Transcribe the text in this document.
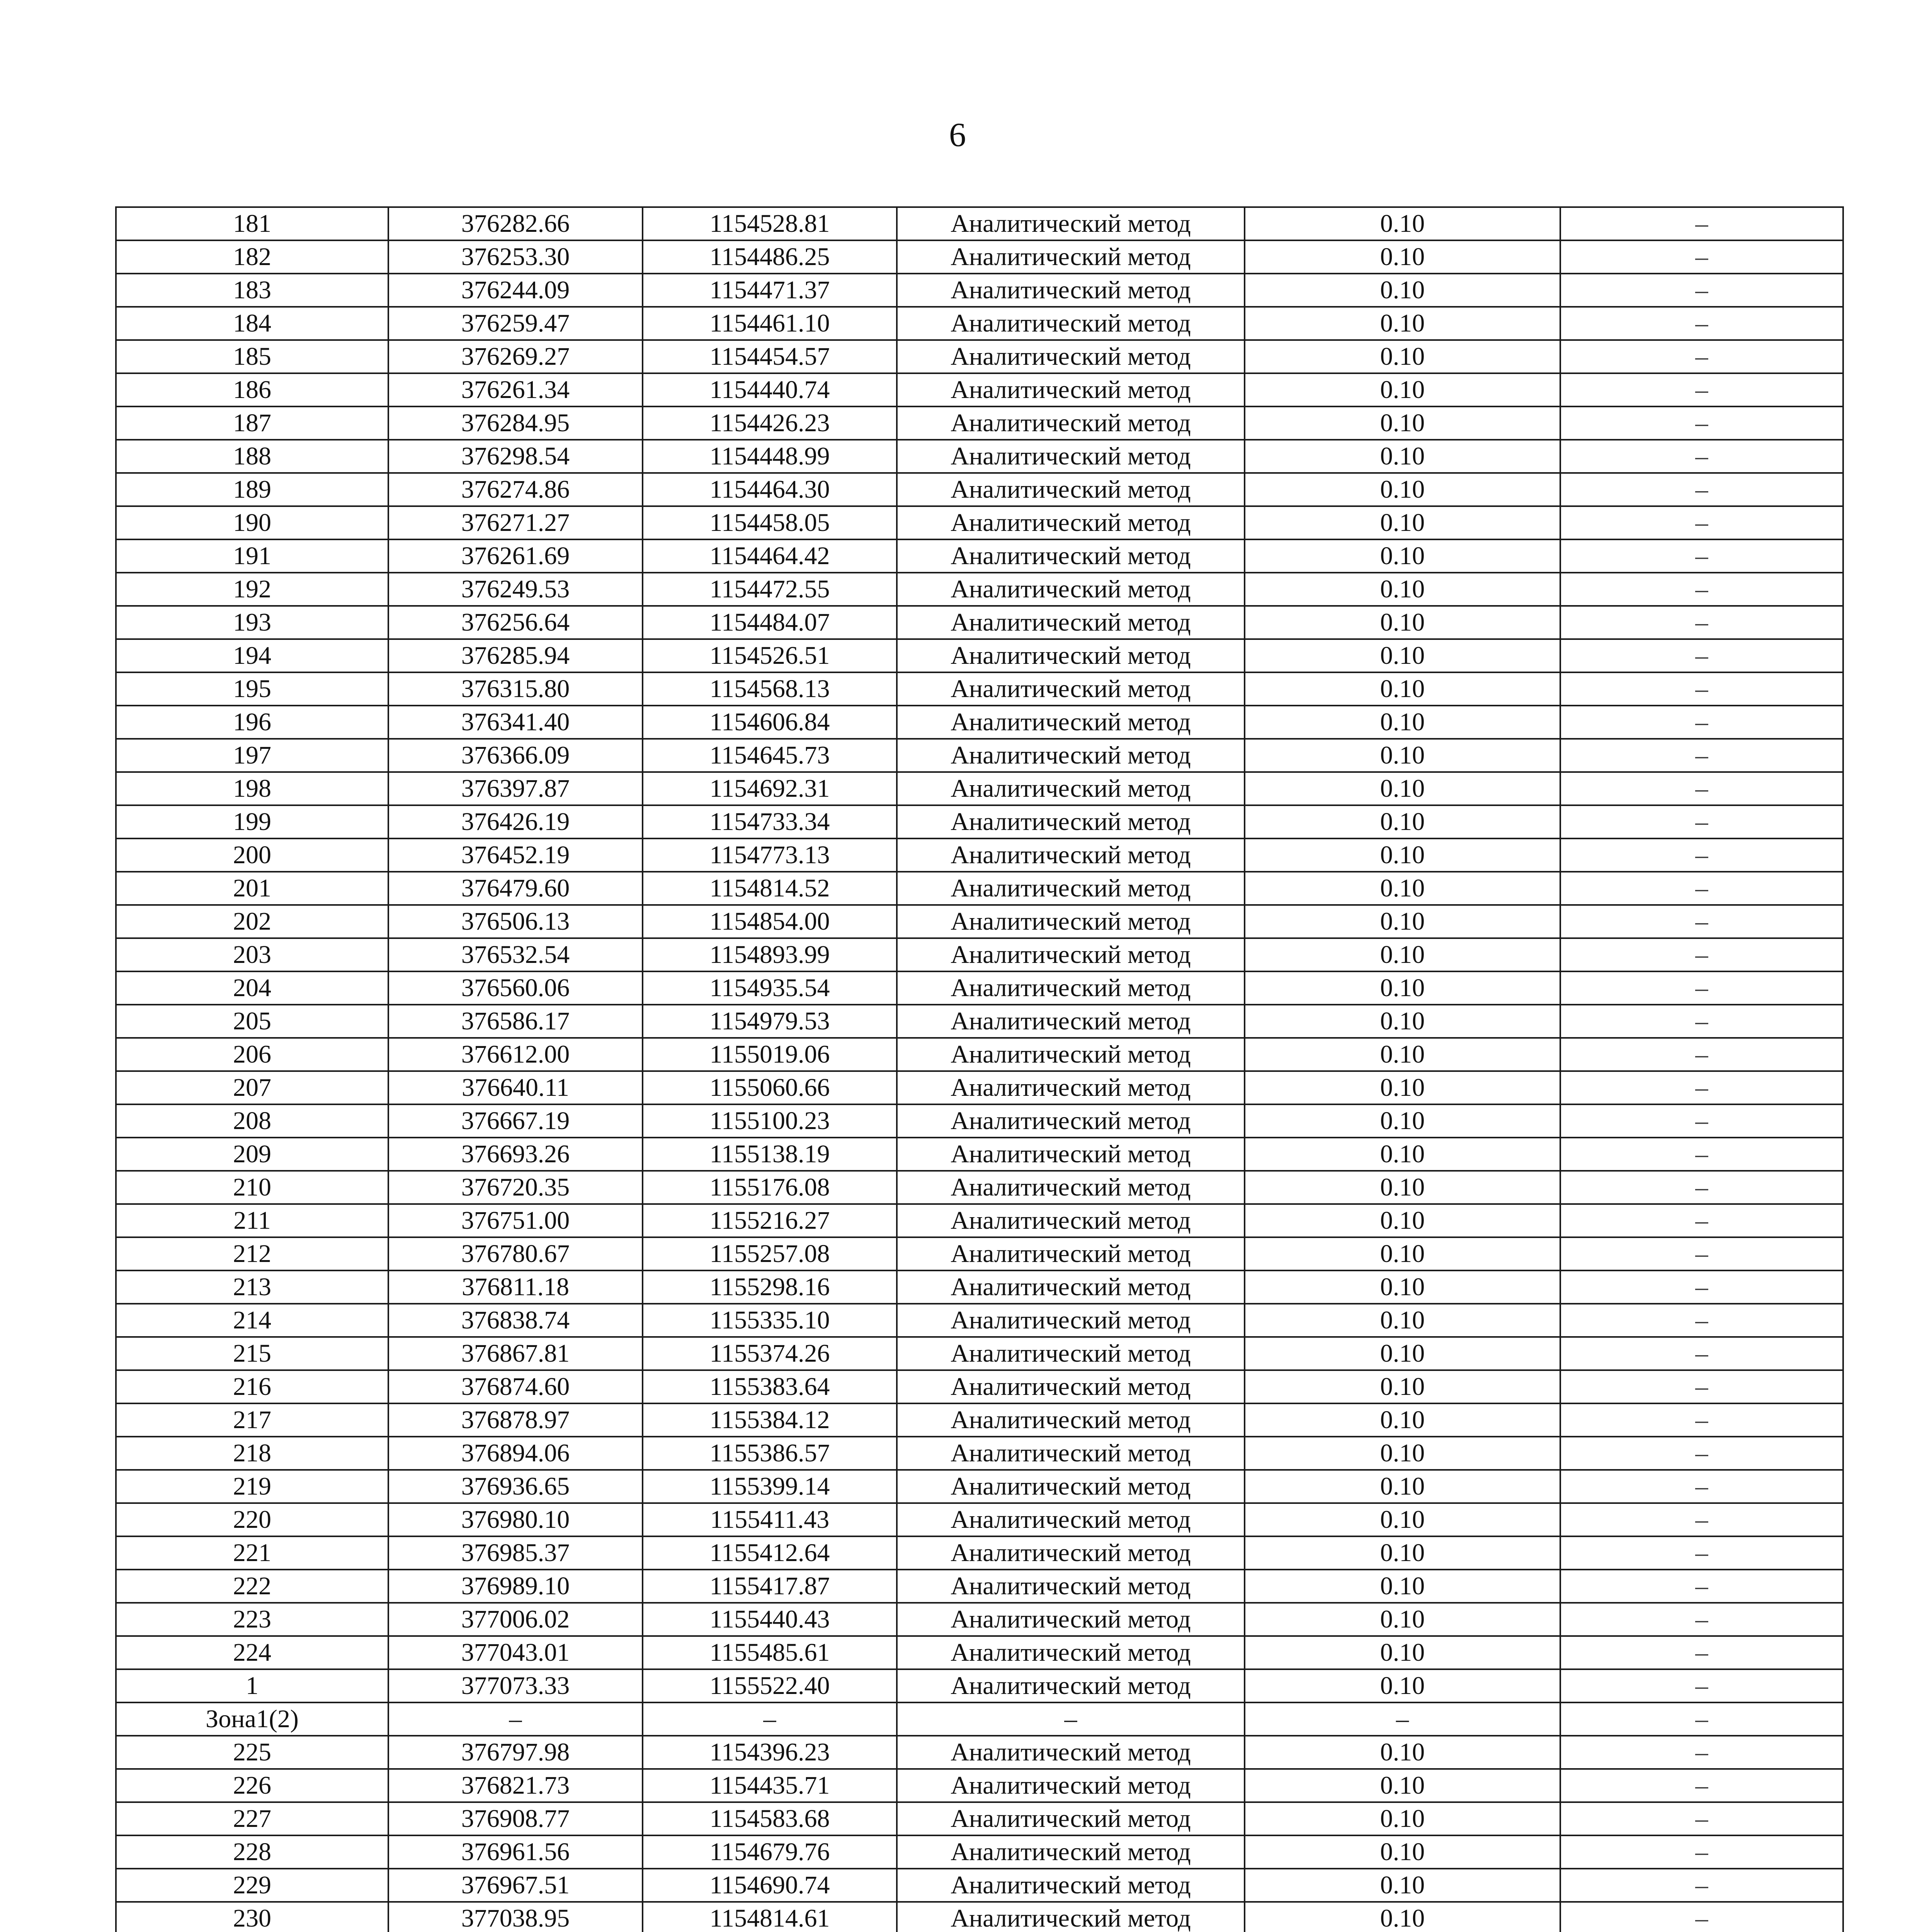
6
181	376282.66	1154528.81	Аналитический метод	0.10	–
182	376253.30	1154486.25	Аналитический метод	0.10	–
183	376244.09	1154471.37	Аналитический метод	0.10	–
184	376259.47	1154461.10	Аналитический метод	0.10	–
185	376269.27	1154454.57	Аналитический метод	0.10	–
186	376261.34	1154440.74	Аналитический метод	0.10	–
187	376284.95	1154426.23	Аналитический метод	0.10	–
188	376298.54	1154448.99	Аналитический метод	0.10	–
189	376274.86	1154464.30	Аналитический метод	0.10	–
190	376271.27	1154458.05	Аналитический метод	0.10	–
191	376261.69	1154464.42	Аналитический метод	0.10	–
192	376249.53	1154472.55	Аналитический метод	0.10	–
193	376256.64	1154484.07	Аналитический метод	0.10	–
194	376285.94	1154526.51	Аналитический метод	0.10	–
195	376315.80	1154568.13	Аналитический метод	0.10	–
196	376341.40	1154606.84	Аналитический метод	0.10	–
197	376366.09	1154645.73	Аналитический метод	0.10	–
198	376397.87	1154692.31	Аналитический метод	0.10	–
199	376426.19	1154733.34	Аналитический метод	0.10	–
200	376452.19	1154773.13	Аналитический метод	0.10	–
201	376479.60	1154814.52	Аналитический метод	0.10	–
202	376506.13	1154854.00	Аналитический метод	0.10	–
203	376532.54	1154893.99	Аналитический метод	0.10	–
204	376560.06	1154935.54	Аналитический метод	0.10	–
205	376586.17	1154979.53	Аналитический метод	0.10	–
206	376612.00	1155019.06	Аналитический метод	0.10	–
207	376640.11	1155060.66	Аналитический метод	0.10	–
208	376667.19	1155100.23	Аналитический метод	0.10	–
209	376693.26	1155138.19	Аналитический метод	0.10	–
210	376720.35	1155176.08	Аналитический метод	0.10	–
211	376751.00	1155216.27	Аналитический метод	0.10	–
212	376780.67	1155257.08	Аналитический метод	0.10	–
213	376811.18	1155298.16	Аналитический метод	0.10	–
214	376838.74	1155335.10	Аналитический метод	0.10	–
215	376867.81	1155374.26	Аналитический метод	0.10	–
216	376874.60	1155383.64	Аналитический метод	0.10	–
217	376878.97	1155384.12	Аналитический метод	0.10	–
218	376894.06	1155386.57	Аналитический метод	0.10	–
219	376936.65	1155399.14	Аналитический метод	0.10	–
220	376980.10	1155411.43	Аналитический метод	0.10	–
221	376985.37	1155412.64	Аналитический метод	0.10	–
222	376989.10	1155417.87	Аналитический метод	0.10	–
223	377006.02	1155440.43	Аналитический метод	0.10	–
224	377043.01	1155485.61	Аналитический метод	0.10	–
1	377073.33	1155522.40	Аналитический метод	0.10	–
Зона1(2)	–	–	–	–	–
225	376797.98	1154396.23	Аналитический метод	0.10	–
226	376821.73	1154435.71	Аналитический метод	0.10	–
227	376908.77	1154583.68	Аналитический метод	0.10	–
228	376961.56	1154679.76	Аналитический метод	0.10	–
229	376967.51	1154690.74	Аналитический метод	0.10	–
230	377038.95	1154814.61	Аналитический метод	0.10	–
